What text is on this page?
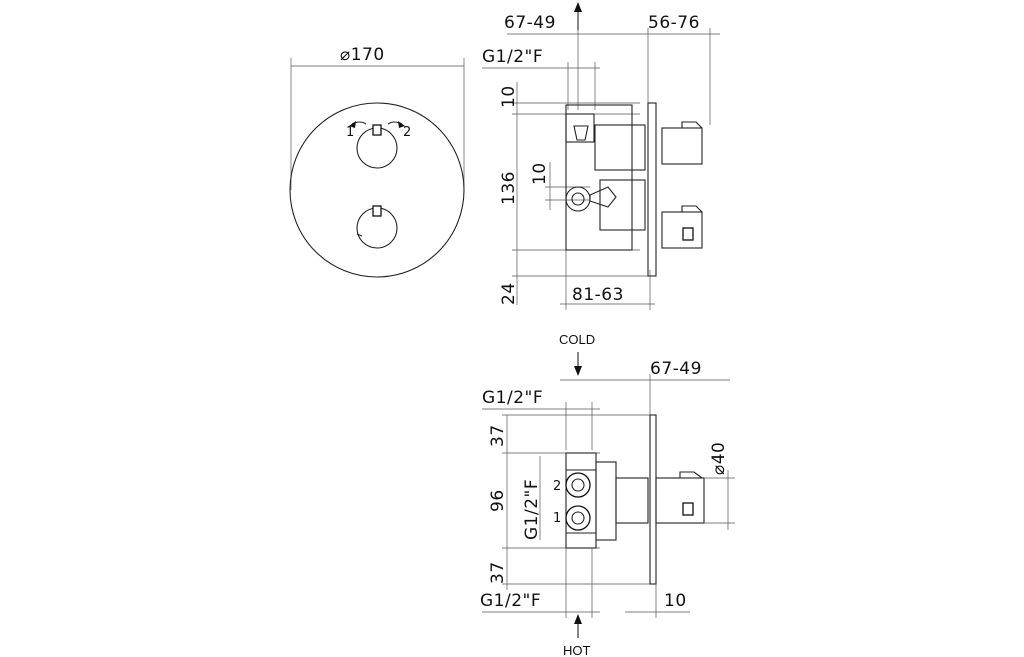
⌀170
1	2
67-49	56-76
G1/2"F
10
136
24
10
81-63
COLD
67-49
G1/2"F
37
96
37
G1/2"F 2
1
⌀40
G1/2"F	10
HOT
